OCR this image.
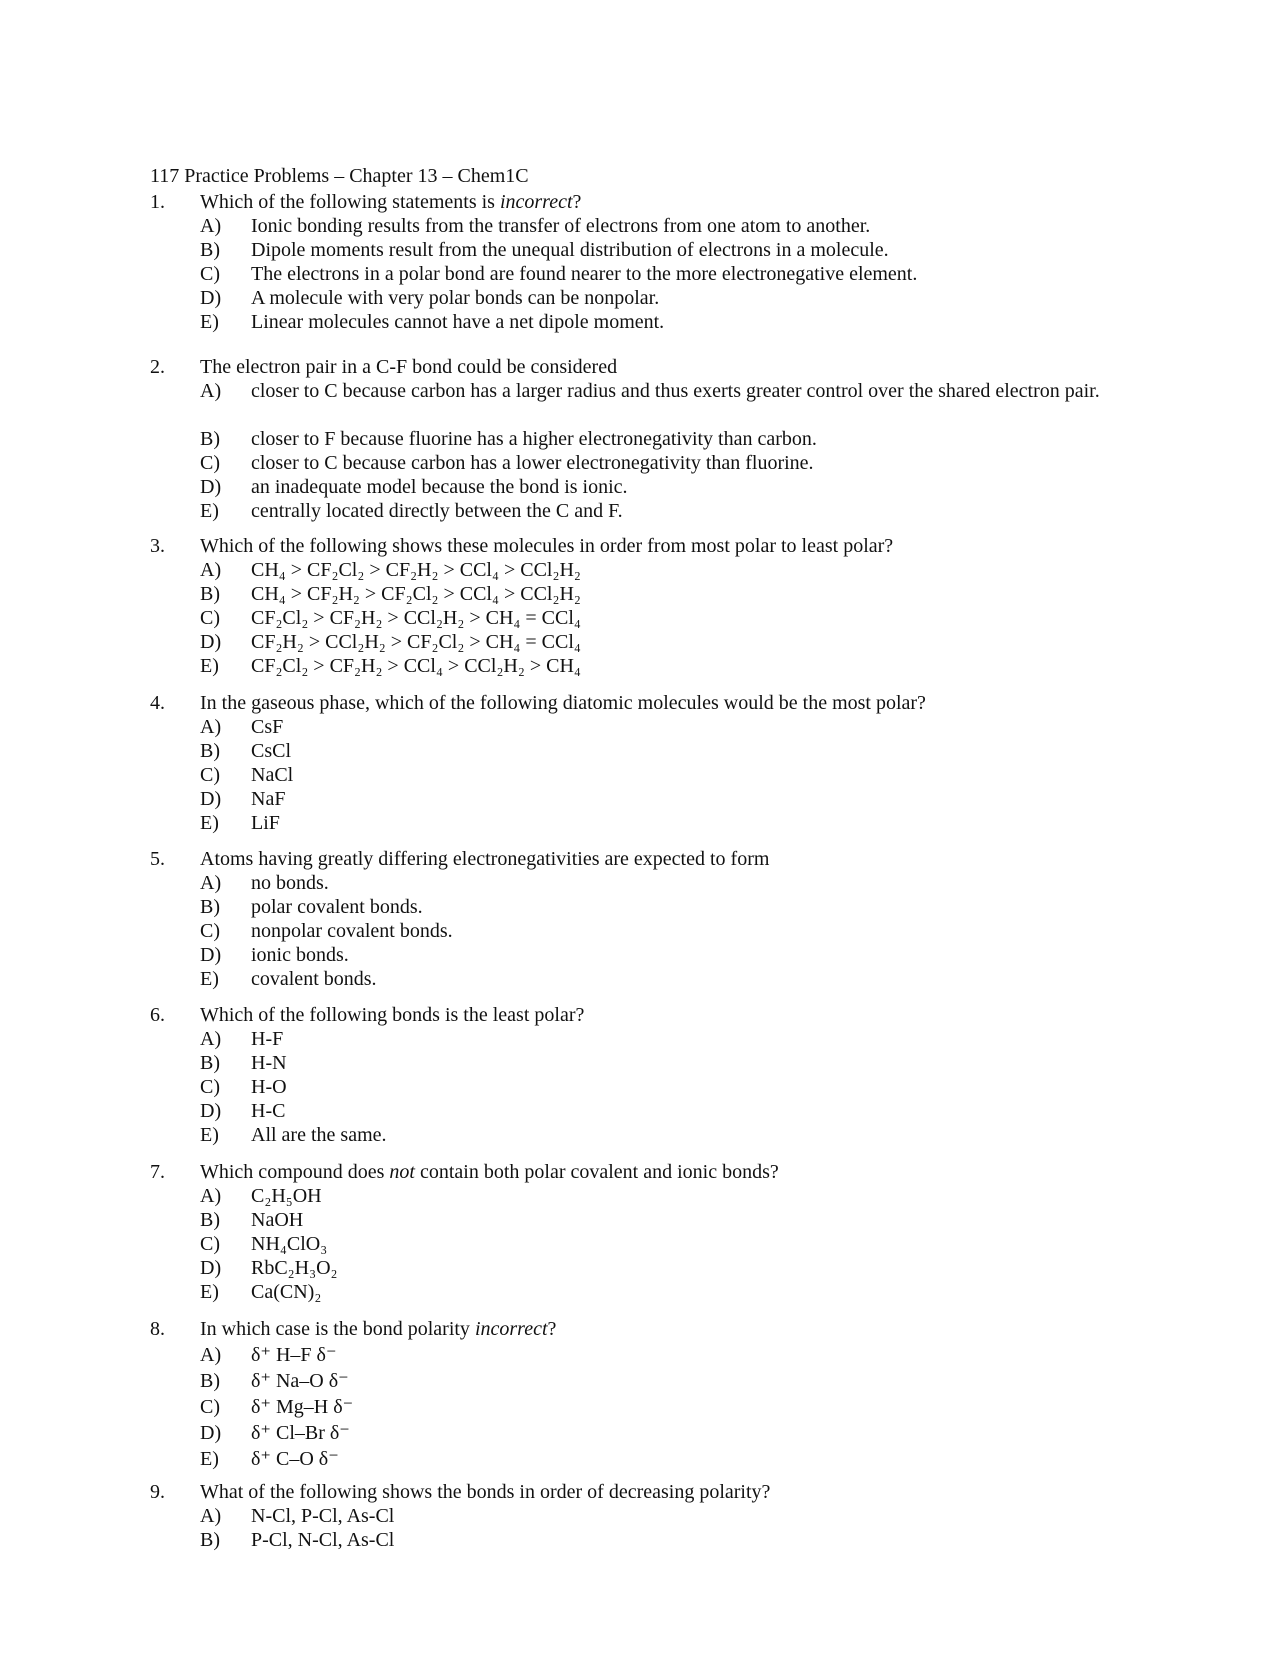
117 Practice Problems – Chapter 13 – Chem1C
1. Which of the following statements is incorrect?
A) Ionic bonding results from the transfer of electrons from one atom to another.
B) Dipole moments result from the unequal distribution of electrons in a molecule.
C) The electrons in a polar bond are found nearer to the more electronegative element.
D) A molecule with very polar bonds can be nonpolar.
E) Linear molecules cannot have a net dipole moment.
2. The electron pair in a C-F bond could be considered
A) closer to C because carbon has a larger radius and thus exerts greater control over the shared electron pair.
B) closer to F because fluorine has a higher electronegativity than carbon.
C) closer to C because carbon has a lower electronegativity than fluorine.
D) an inadequate model because the bond is ionic.
E) centrally located directly between the C and F.
3. Which of the following shows these molecules in order from most polar to least polar?
A) CH₄ > CF₂Cl₂ > CF₂H₂ > CCl₄ > CCl₂H₂
B) CH₄ > CF₂H₂ > CF₂Cl₂ > CCl₄ > CCl₂H₂
C) CF₂Cl₂ > CF₂H₂ > CCl₂H₂ > CH₄ = CCl₄
D) CF₂H₂ > CCl₂H₂ > CF₂Cl₂ > CH₄ = CCl₄
E) CF₂Cl₂ > CF₂H₂ > CCl₄ > CCl₂H₂ > CH₄
4. In the gaseous phase, which of the following diatomic molecules would be the most polar?
A) CsF
B) CsCl
C) NaCl
D) NaF
E) LiF
5. Atoms having greatly differing electronegativities are expected to form
A) no bonds.
B) polar covalent bonds.
C) nonpolar covalent bonds.
D) ionic bonds.
E) covalent bonds.
6. Which of the following bonds is the least polar?
A) H-F
B) H-N
C) H-O
D) H-C
E) All are the same.
7. Which compound does not contain both polar covalent and ionic bonds?
A) C₂H₅OH
B) NaOH
C) NH₄ClO₃
D) RbC₂H₃O₂
E) Ca(CN)₂
8. In which case is the bond polarity incorrect?
A) δ⁺ H–F δ⁻
B) δ⁺ Na–O δ⁻
C) δ⁺ Mg–H δ⁻
D) δ⁺ Cl–Br δ⁻
E) δ⁺ C–O δ⁻
9. What of the following shows the bonds in order of decreasing polarity?
A) N-Cl, P-Cl, As-Cl
B) P-Cl, N-Cl, As-Cl
